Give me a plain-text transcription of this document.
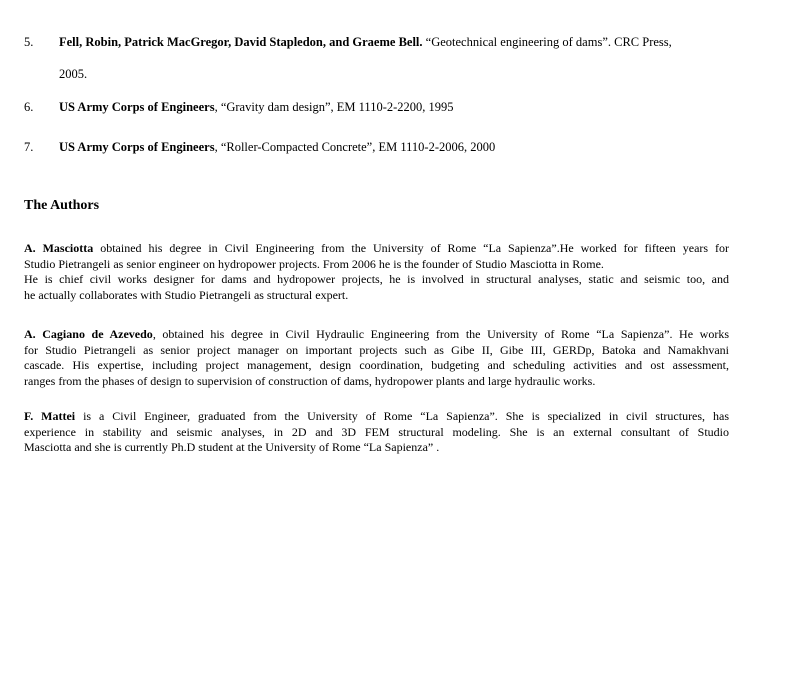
5.	Fell, Robin, Patrick MacGregor, David Stapledon, and Graeme Bell. “Geotechnical engineering of dams”. CRC Press,
2005.
6.	US Army Corps of Engineers, “Gravity dam design”, EM 1110-2-2200, 1995
7.	US Army Corps of Engineers, “Roller-Compacted Concrete”, EM 1110-2-2006, 2000
The Authors
A. Masciotta obtained his degree in Civil Engineering from the University of Rome “La Sapienza”.He worked for fifteen years for
Studio Pietrangeli as senior engineer on hydropower projects. From 2006 he is the founder of Studio Masciotta in Rome.
He is chief civil works designer for dams and hydropower projects, he is involved in structural analyses, static and seismic too, and
he actually collaborates with Studio Pietrangeli as structural expert.
A. Cagiano de Azevedo, obtained his degree in Civil Hydraulic Engineering from the University of Rome “La Sapienza”. He works
for Studio Pietrangeli as senior project manager on important projects such as Gibe II, Gibe III, GERDp, Batoka and Namakhvani
cascade. His expertise, including project management, design coordination, budgeting and scheduling activities and ost assessment,
ranges from the phases of design to supervision of construction of dams, hydropower plants and large hydraulic works.
F. Mattei is a Civil Engineer, graduated from the University of Rome “La Sapienza”. She is specialized in civil structures, has
experience in stability and seismic analyses, in 2D and 3D FEM structural modeling. She is an external consultant of Studio
Masciotta and she is currently Ph.D student at the University of Rome “La Sapienza” .
